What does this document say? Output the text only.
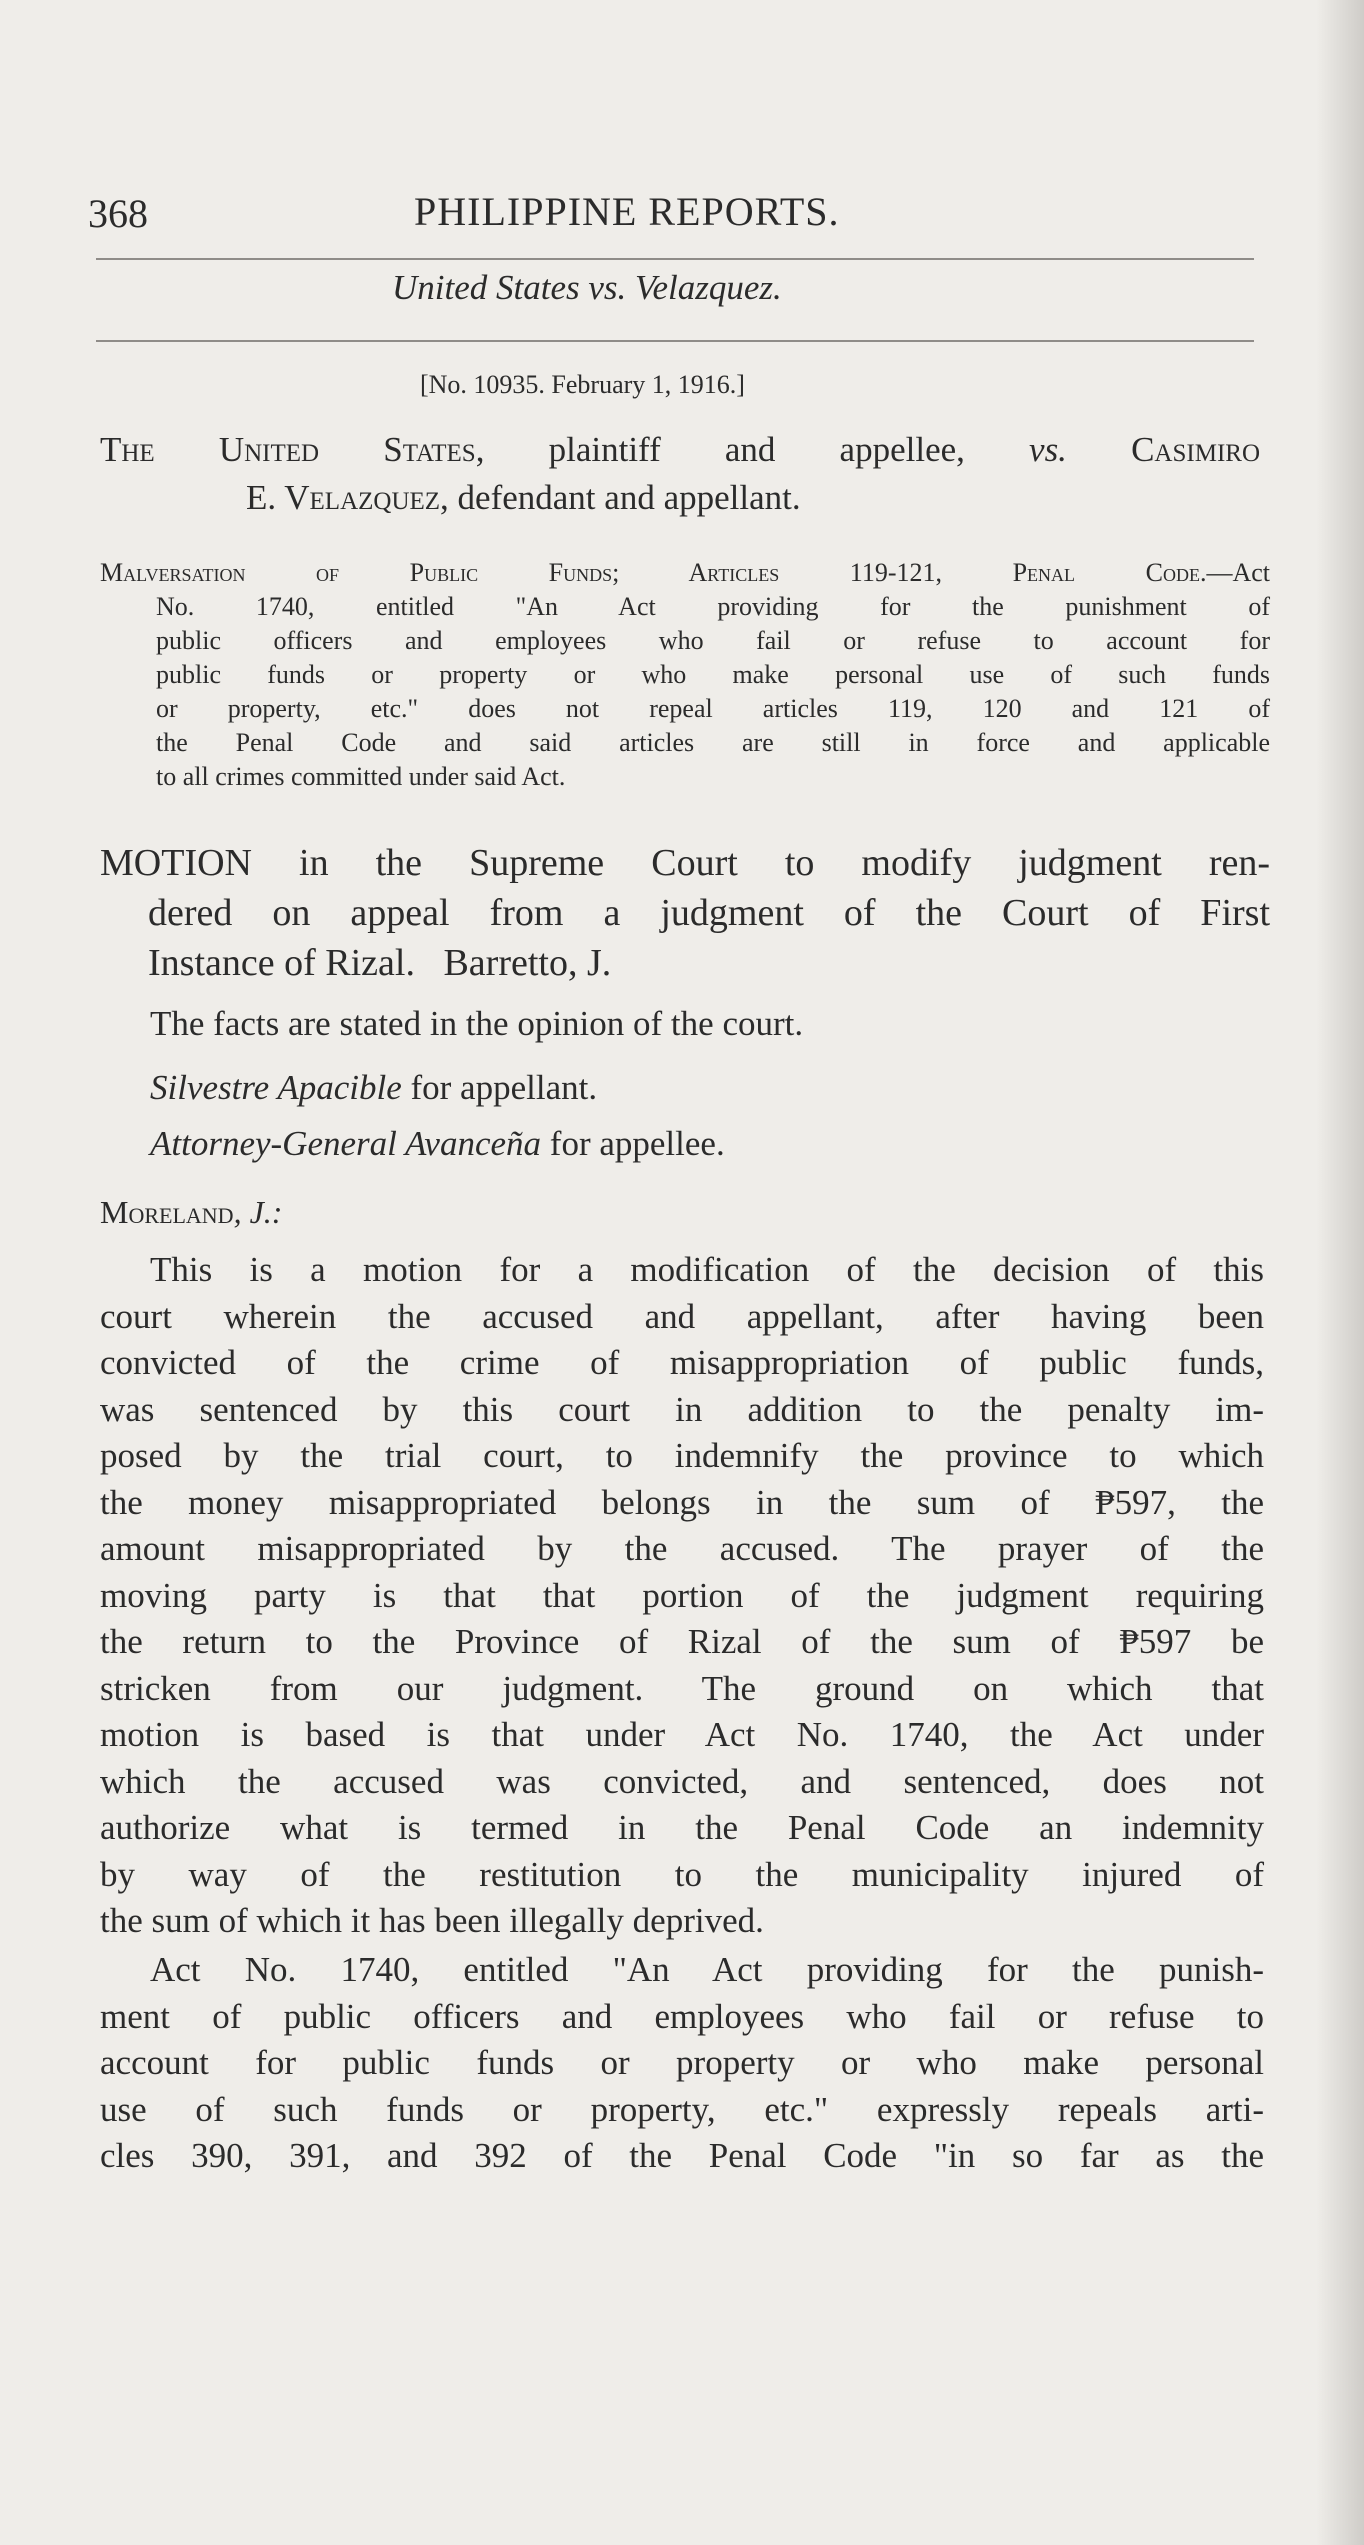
368	PHILIPPINE REPORTS.
United States vs. Velazquez.
[No. 10935. February 1, 1916.]
The United States, plaintiff and appellee, vs. Casimiro
E. Velazquez, defendant and appellant.
Malversation of Public Funds; Articles 119-121, Penal Code.—Act
No. 1740, entitled "An Act providing for the punishment of
public officers and employees who fail or refuse to account for
public funds or property or who make personal use of such funds
or property, etc." does not repeal articles 119, 120 and 121 of
the Penal Code and said articles are still in force and applicable
to all crimes committed under said Act.
MOTION in the Supreme Court to modify judgment ren-
dered on appeal from a judgment of the Court of First
Instance of Rizal.   Barretto, J.
The facts are stated in the opinion of the court.
Silvestre Apacible for appellant.
Attorney-General Avanceña for appellee.
Moreland, J.:
This is a motion for a modification of the decision of this
court wherein the accused and appellant, after having been
convicted of the crime of misappropriation of public funds,
was sentenced by this court in addition to the penalty im-
posed by the trial court, to indemnify the province to which
the money misappropriated belongs in the sum of ₱597, the
amount misappropriated by the accused. The prayer of the
moving party is that that portion of the judgment requiring
the return to the Province of Rizal of the sum of ₱597 be
stricken from our judgment. The ground on which that
motion is based is that under Act No. 1740, the Act under
which the accused was convicted, and sentenced, does not
authorize what is termed in the Penal Code an indemnity
by way of the restitution to the municipality injured of
the sum of which it has been illegally deprived.
Act No. 1740, entitled "An Act providing for the punish-
ment of public officers and employees who fail or refuse to
account for public funds or property or who make personal
use of such funds or property, etc." expressly repeals arti-
cles 390, 391, and 392 of the Penal Code "in so far as the
